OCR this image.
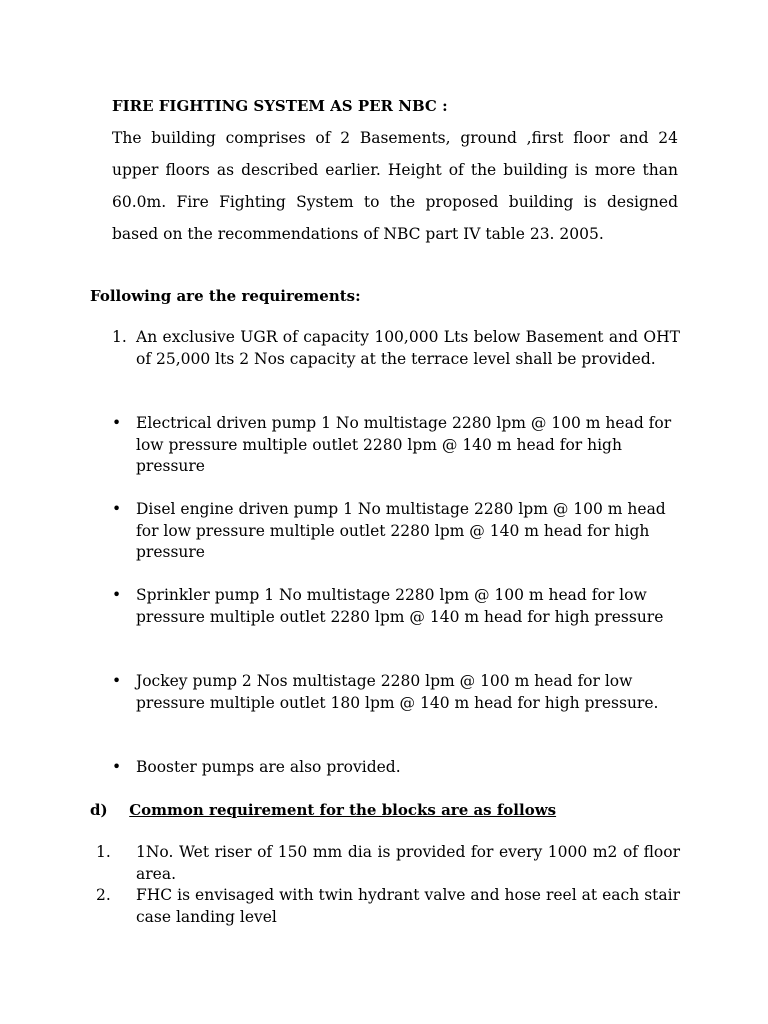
FIRE FIGHTING SYSTEM AS PER NBC :

The building comprises of 2 Basements, ground ,first floor and 24 upper floors as described earlier. Height of the building is more than 60.0m. Fire Fighting System to the proposed building is designed based on the recommendations of NBC part IV table 23. 2005.

Following are the requirements:
1. An exclusive UGR of capacity 100,000 Lts below Basement and OHT of 25,000 lts 2 Nos capacity at the terrace level shall be provided.
• Electrical driven pump 1 No multistage 2280 lpm @ 100 m head for low pressure multiple outlet 2280 lpm @ 140 m head for high pressure
• Disel engine driven pump 1 No multistage 2280 lpm @ 100 m head for low pressure multiple outlet 2280 lpm @ 140 m head for high pressure
• Sprinkler pump 1 No multistage 2280 lpm @ 100 m head for low pressure multiple outlet 2280 lpm @ 140 m head for high pressure
• Jockey pump 2 Nos multistage 2280 lpm @ 100 m head for low pressure multiple outlet 180 lpm @ 140 m head for high pressure.
• Booster pumps are also provided.
d) Common requirement for the blocks are as follows
1.	1No. Wet riser of 150 mm dia is provided for every 1000 m2 of floor area.
2.	FHC is envisaged with twin hydrant valve and hose reel at each stair case landing level
